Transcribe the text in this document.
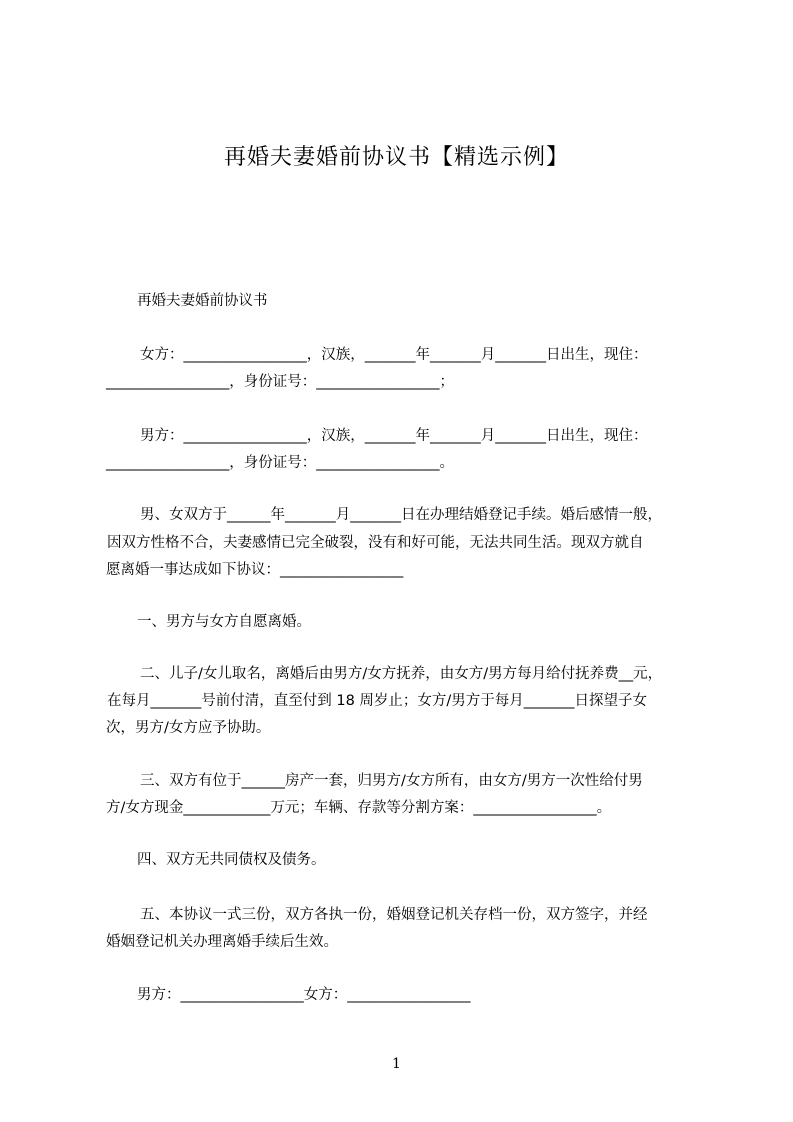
再婚夫妻婚前协议书【精选示例】
再婚夫妻婚前协议书
女方：_________________，汉族，_______年_______月_______日出生，现住：
_________________，身份证号：_________________；
男方：_________________，汉族，_______年_______月_______日出生，现住：
_________________，身份证号：_________________。
男、女双方于______年_______月_______日在办理结婚登记手续。婚后感情一般，
因双方性格不合，夫妻感情已完全破裂，没有和好可能，无法共同生活。现双方就自
愿离婚一事达成如下协议：_________________
一、男方与女方自愿离婚。
二、儿子/女儿取名，离婚后由男方/女方抚养，由女方/男方每月给付抚养费__元，
在每月_______号前付清，直至付到 18 周岁止；女方/男方于每月_______日探望子女
次，男方/女方应予协助。
三、双方有位于______房产一套，归男方/女方所有，由女方/男方一次性给付男
方/女方现金____________万元；车辆、存款等分割方案：_________________。
四、双方无共同债权及债务。
五、本协议一式三份，双方各执一份，婚姻登记机关存档一份，双方签字，并经
婚姻登记机关办理离婚手续后生效。
男方：_________________女方：_________________
1
